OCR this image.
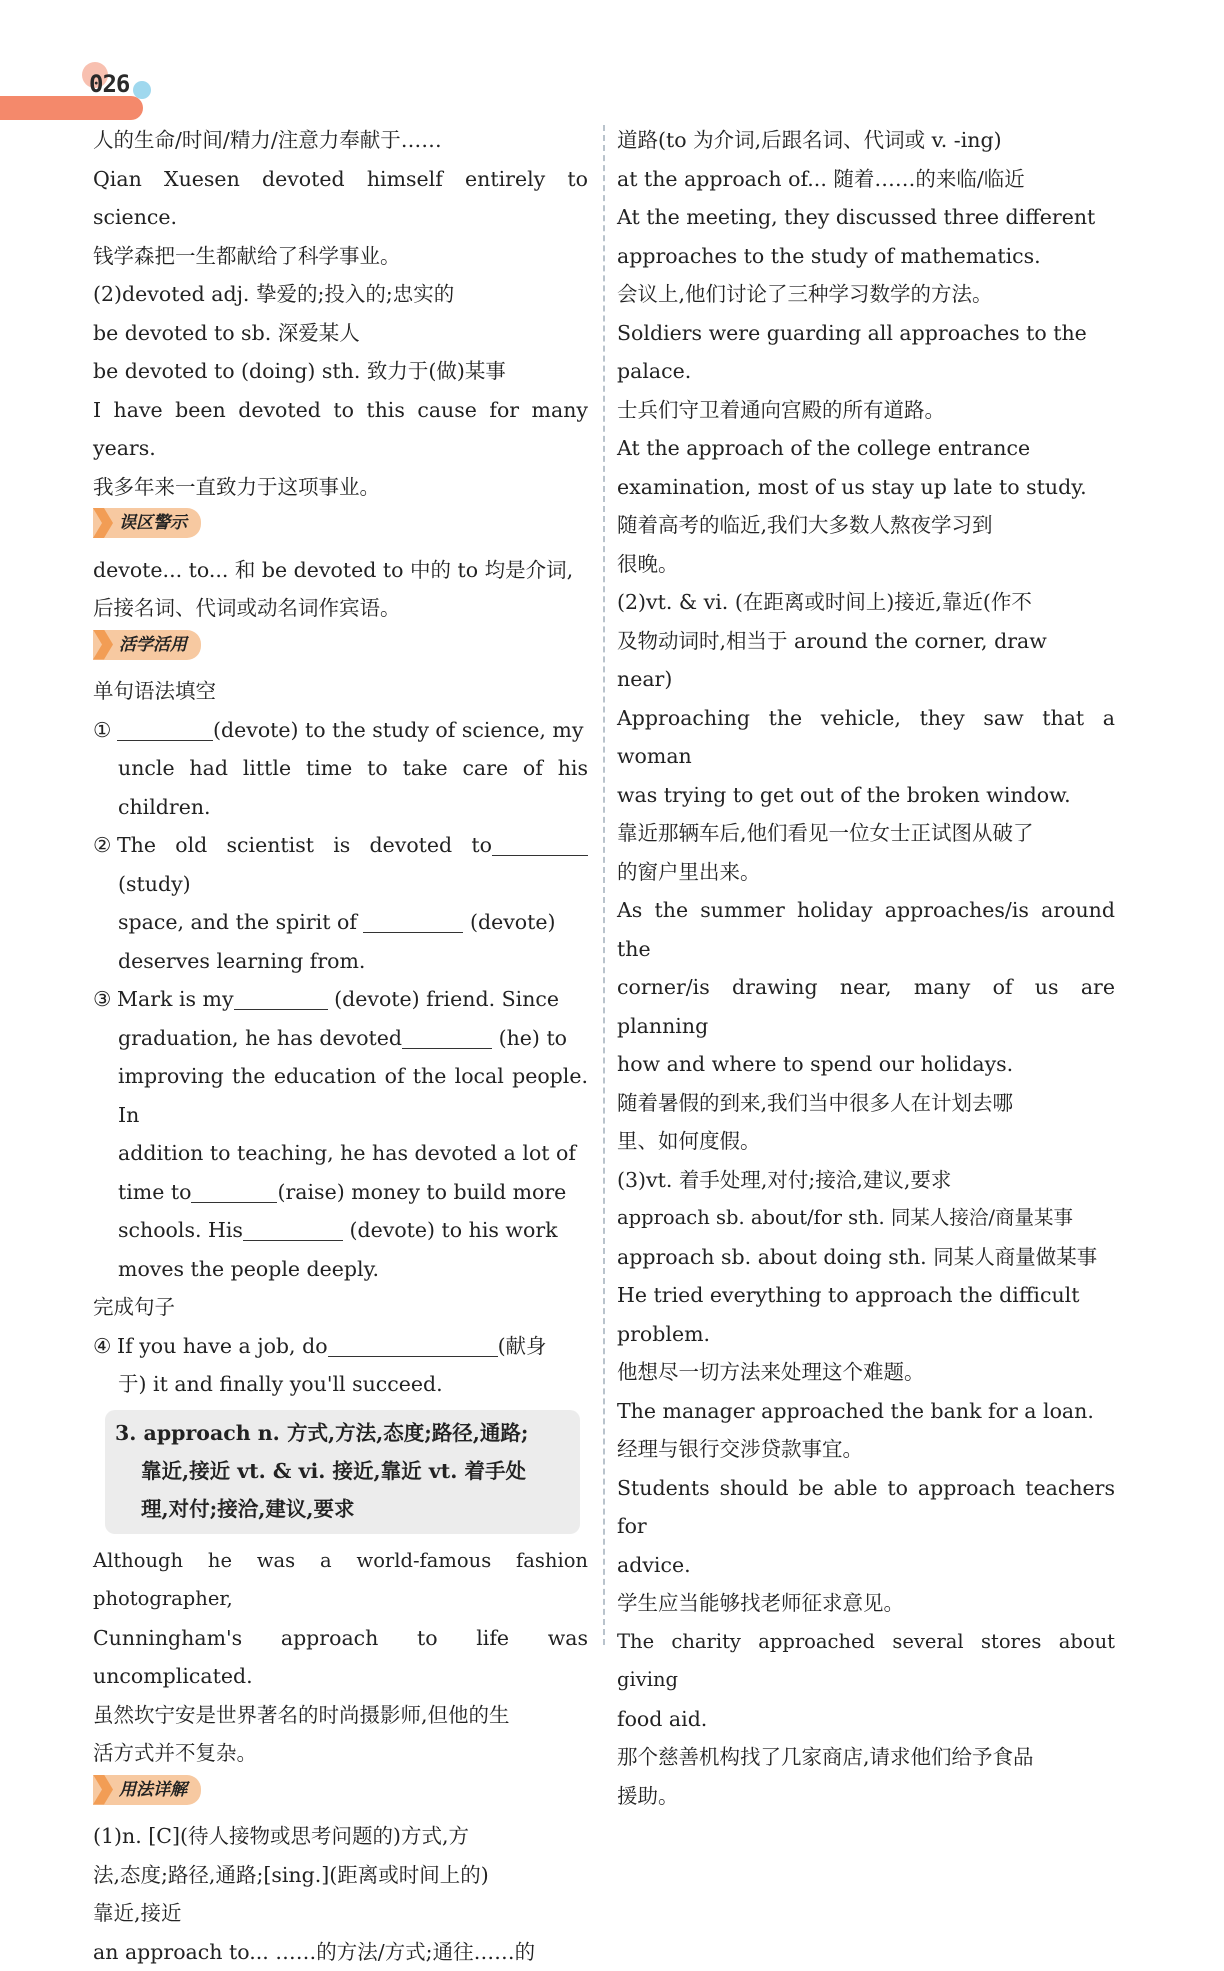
026

人的生命/时间/精力/注意力奉献于……

Qian Xuesen devoted himself entirely to science.

钱学森把一生都献给了科学事业。

(2)devoted adj. 挚爱的;投入的;忠实的

be devoted to sb. 深爱某人

be devoted to (doing) sth. 致力于(做)某事

I have been devoted to this cause for many years.

我多年来一直致力于这项事业。

误区警示

devote... to... 和 be devoted to 中的 to 均是介词,

后接名词、代词或动名词作宾语。

活学活用

单句语法填空

①	(devote) to the study of science, my

uncle had little time to take care of his children.

② The old scientist is devoted to(study)

space, and the spirit of	(devote)

deserves learning from.

③ Mark is my	(devote) friend. Since

graduation, he has devoted	(he) to

improving the education of the local people. In

addition to teaching, he has devoted a lot of

time to	(raise) money to build more

schools. His	(devote) to his work

moves the people deeply.

完成句子

④ If you have a job, do	(献身

于) it and finally you'll succeed.

3. approach n. 方式,方法,态度;路径,通路;
靠近,接近 vt. & vi. 接近,靠近 vt. 着手处
理,对付;接洽,建议,要求

Although he was a world-famous fashion photographer,

Cunningham's approach to life was uncomplicated.

虽然坎宁安是世界著名的时尚摄影师,但他的生

活方式并不复杂。

用法详解

(1)n. [C](待人接物或思考问题的)方式,方

法,态度;路径,通路;[sing.](距离或时间上的)

靠近,接近

an approach to... ……的方法/方式;通往……的

道路(to 为介词,后跟名词、代词或 v. -ing)

at the approach of... 随着……的来临/临近

At the meeting, they discussed three different

approaches to the study of mathematics.

会议上,他们讨论了三种学习数学的方法。

Soldiers were guarding all approaches to the

palace.

士兵们守卫着通向宫殿的所有道路。

At the approach of the college entrance

examination, most of us stay up late to study.

随着高考的临近,我们大多数人熬夜学习到

很晚。

(2)vt. & vi. (在距离或时间上)接近,靠近(作不

及物动词时,相当于 around the corner, draw

near)

Approaching the vehicle, they saw that a woman

was trying to get out of the broken window.

靠近那辆车后,他们看见一位女士正试图从破了

的窗户里出来。

As the summer holiday approaches/is around the

corner/is drawing near, many of us are planning

how and where to spend our holidays.

随着暑假的到来,我们当中很多人在计划去哪

里、如何度假。

(3)vt. 着手处理,对付;接洽,建议,要求

approach sb. about/for sth. 同某人接洽/商量某事

approach sb. about doing sth. 同某人商量做某事

He tried everything to approach the difficult

problem.

他想尽一切方法来处理这个难题。

The manager approached the bank for a loan.

经理与银行交涉贷款事宜。

Students should be able to approach teachers for

advice.

学生应当能够找老师征求意见。

The charity approached several stores about giving

food aid.

那个慈善机构找了几家商店,请求他们给予食品

援助。
